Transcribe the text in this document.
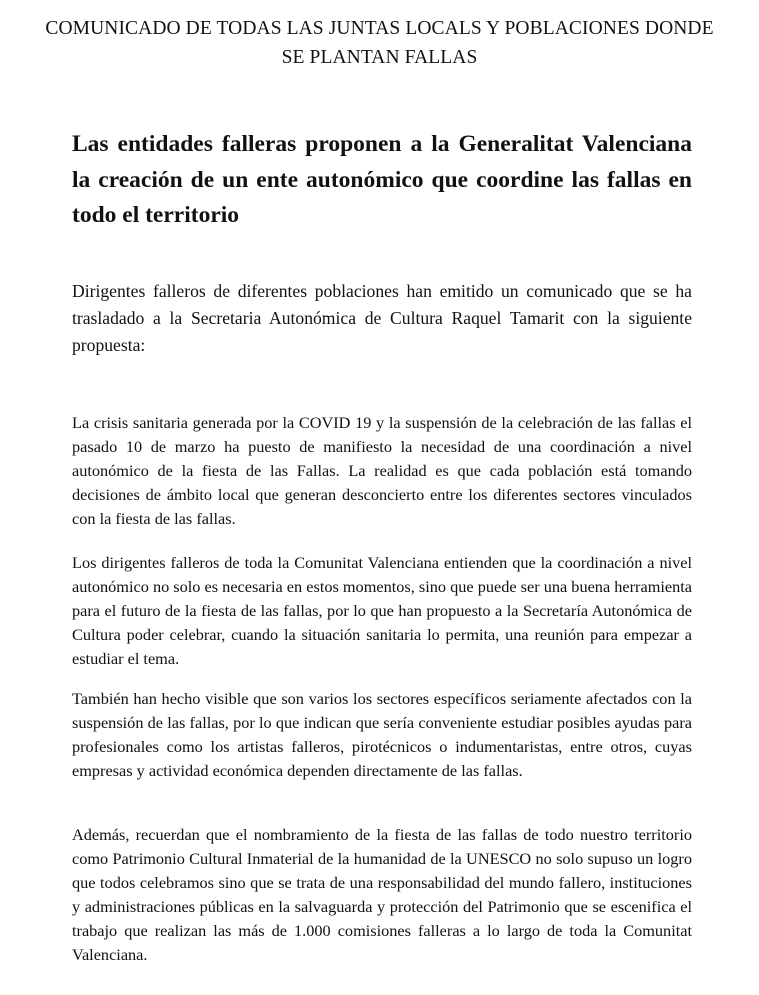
COMUNICADO DE TODAS LAS JUNTAS LOCALS Y POBLACIONES DONDE SE PLANTAN FALLAS
Las entidades falleras proponen a la Generalitat Valenciana la creación de un ente autonómico que coordine las fallas en todo el territorio
Dirigentes falleros de diferentes poblaciones han emitido un comunicado que se ha trasladado a la Secretaria Autonómica de Cultura Raquel Tamarit con la siguiente propuesta:

La crisis sanitaria generada por la COVID 19 y la suspensión de la celebración de las fallas el pasado 10 de marzo ha puesto de manifiesto la necesidad de una coordinación a nivel autonómico de la fiesta de las Fallas. La realidad es que cada población está tomando decisiones de ámbito local que generan desconcierto entre los diferentes sectores vinculados con la fiesta de las fallas.

Los dirigentes falleros de toda la Comunitat Valenciana entienden que la coordinación a nivel autonómico no solo es necesaria en estos momentos, sino que puede ser una buena herramienta para el futuro de la fiesta de las fallas, por lo que han propuesto a la Secretaría Autonómica de Cultura poder celebrar, cuando la situación sanitaria lo permita, una reunión para empezar a estudiar el tema.

También han hecho visible que son varios los sectores específicos seriamente afectados con la suspensión de las fallas, por lo que indican que sería conveniente estudiar posibles ayudas para profesionales como los artistas falleros, pirotécnicos o indumentaristas, entre otros, cuyas empresas y actividad económica dependen directamente de las fallas.

Además, recuerdan que el nombramiento de la fiesta de las fallas de todo nuestro territorio como Patrimonio Cultural Inmaterial de la humanidad de la UNESCO no solo supuso un logro que todos celebramos sino que se trata de una responsabilidad del mundo fallero, instituciones y administraciones públicas en la salvaguarda y protección del Patrimonio que se escenifica el trabajo que realizan las más de 1.000 comisiones falleras a lo largo de toda la Comunitat Valenciana.
